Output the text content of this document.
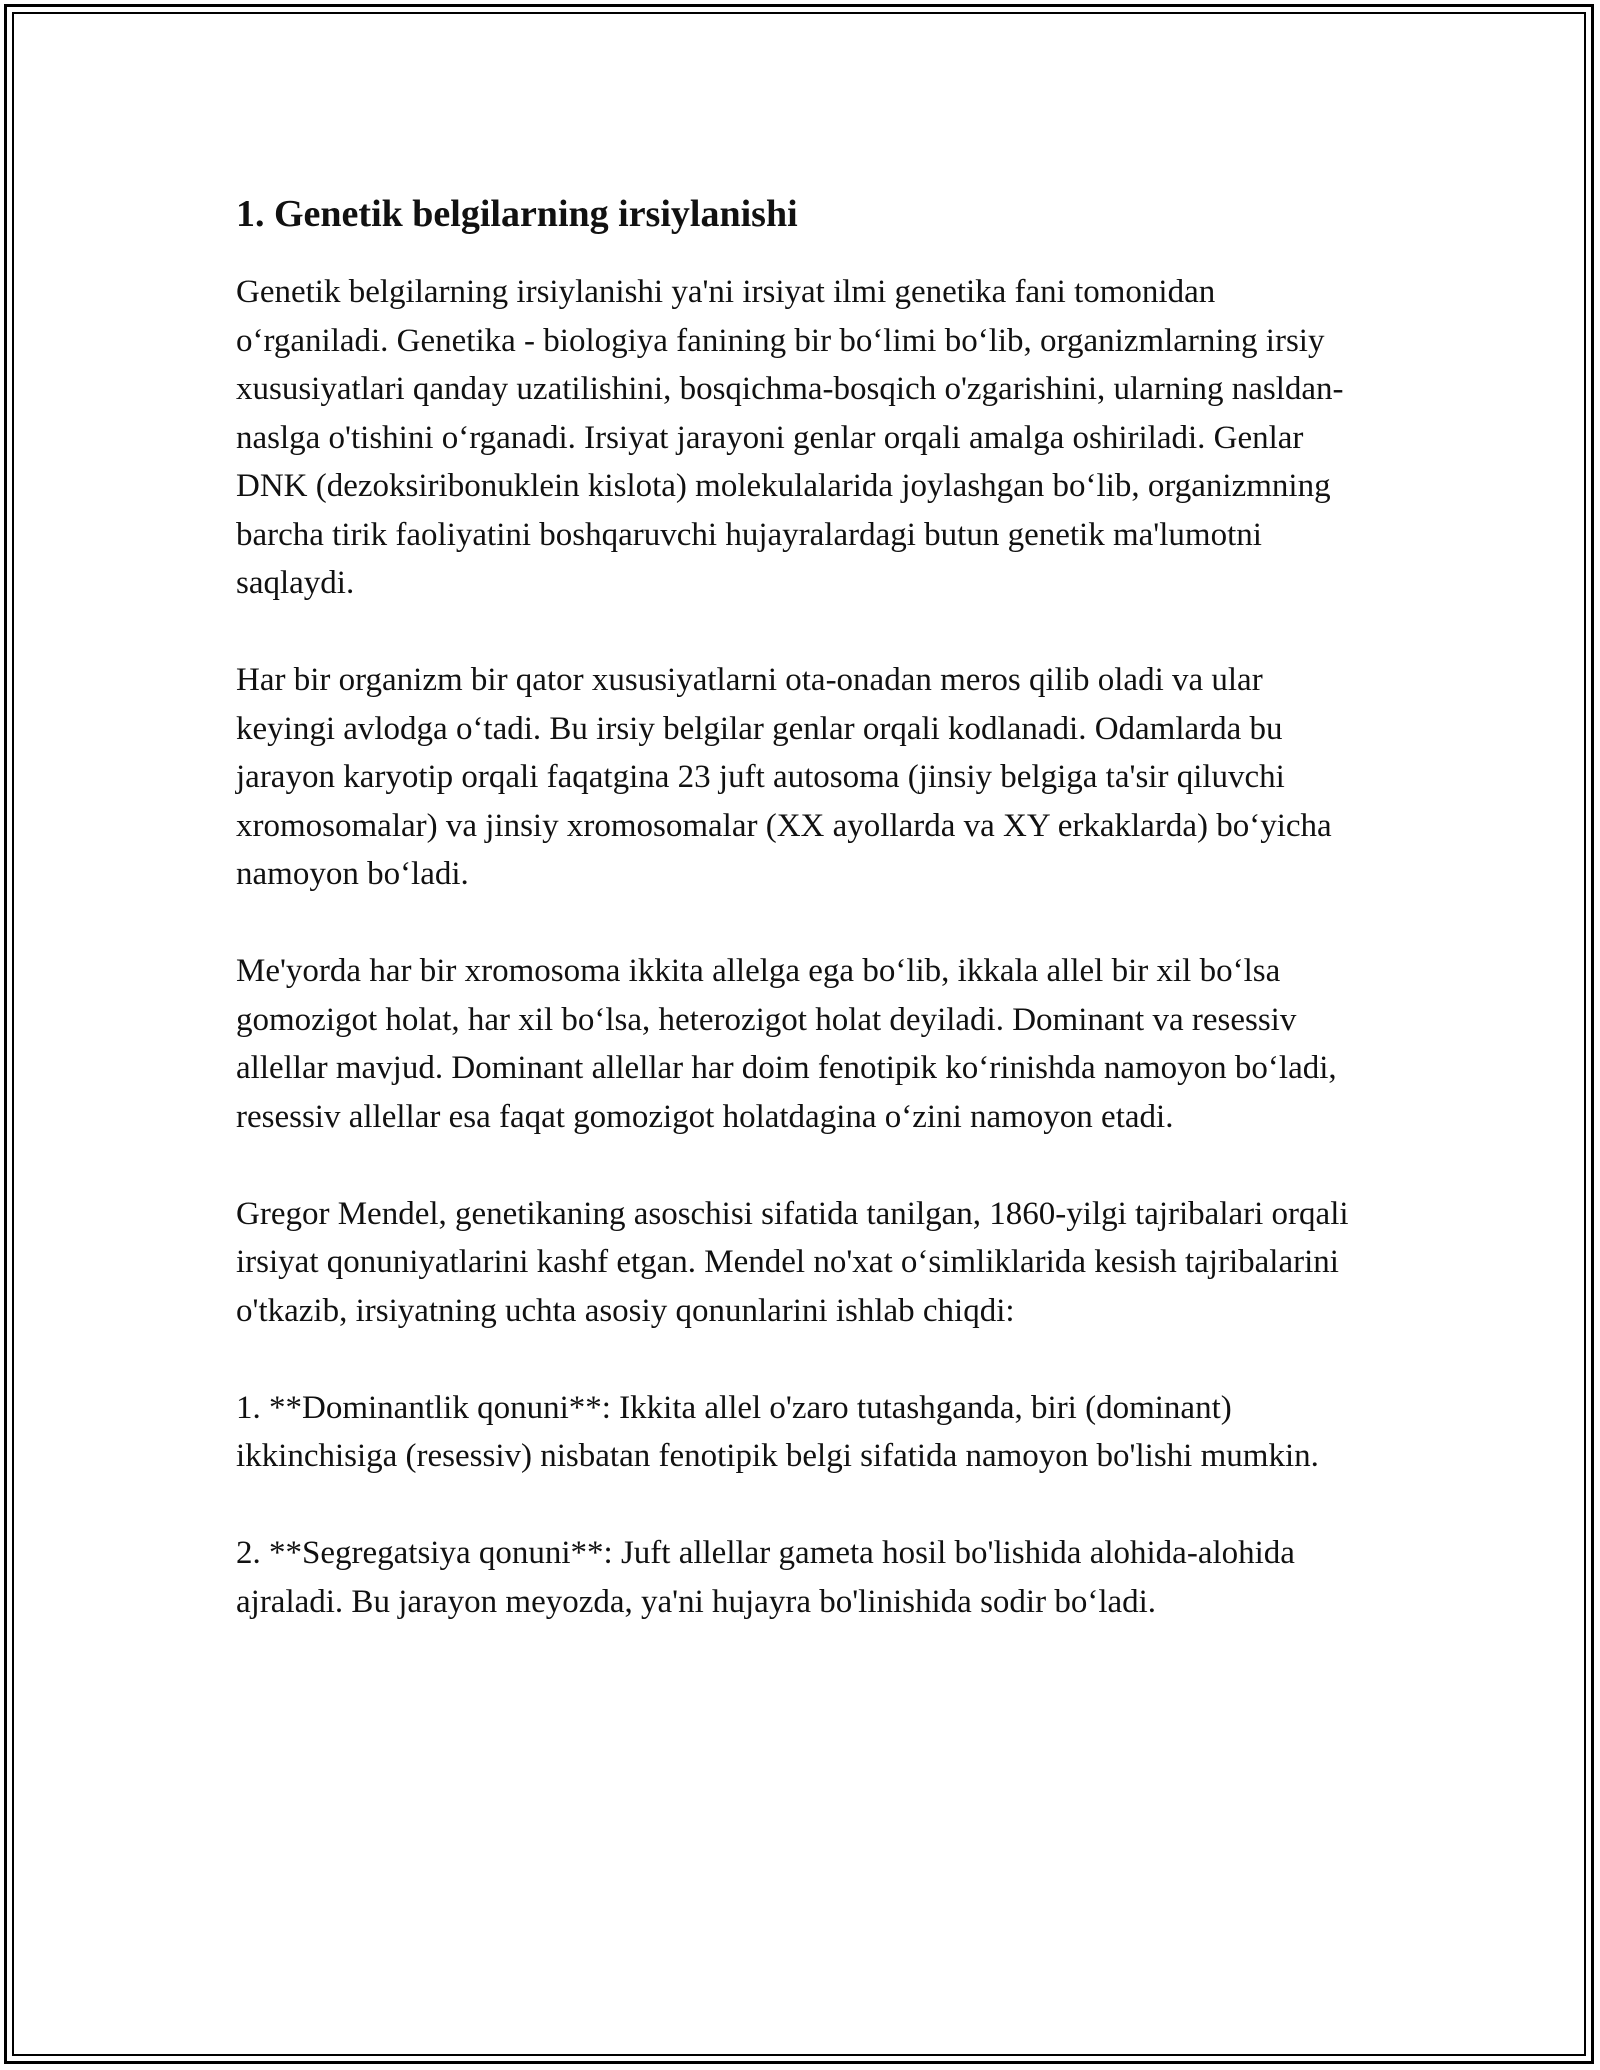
1. Genetik belgilarning irsiylanishi

Genetik belgilarning irsiylanishi ya'ni irsiyat ilmi genetika fani tomonidan oʻrganiladi. Genetika - biologiya fanining bir boʻlimi boʻlib, organizmlarning irsiy xususiyatlari qanday uzatilishini, bosqichma-bosqich o'zgarishini, ularning nasldan-naslga o'tishini oʻrganadi. Irsiyat jarayoni genlar orqali amalga oshiriladi. Genlar DNK (dezoksiribonuklein kislota) molekulalarida joylashgan boʻlib, organizmning barcha tirik faoliyatini boshqaruvchi hujayralardagi butun genetik ma'lumotni saqlaydi.

Har bir organizm bir qator xususiyatlarni ota-onadan meros qilib oladi va ular keyingi avlodga oʻtadi. Bu irsiy belgilar genlar orqali kodlanadi. Odamlarda bu jarayon karyotip orqali faqatgina 23 juft autosoma (jinsiy belgiga ta'sir qiluvchi xromosomalar) va jinsiy xromosomalar (XX ayollarda va XY erkaklarda) boʻyicha namoyon boʻladi.

Me'yorda har bir xromosoma ikkita allelga ega boʻlib, ikkala allel bir xil boʻlsa gomozigot holat, har xil boʻlsa, heterozigot holat deyiladi. Dominant va resessiv allellar mavjud. Dominant allellar har doim fenotipik koʻrinishda namoyon boʻladi, resessiv allellar esa faqat gomozigot holatdagina oʻzini namoyon etadi.

Gregor Mendel, genetikaning asoschisi sifatida tanilgan, 1860-yilgi tajribalari orqali irsiyat qonuniyatlarini kashf etgan. Mendel no'xat oʻsimliklarida kesish tajribalarini o'tkazib, irsiyatning uchta asosiy qonunlarini ishlab chiqdi:

1. **Dominantlik qonuni**: Ikkita allel o'zaro tutashganda, biri (dominant) ikkinchisiga (resessiv) nisbatan fenotipik belgi sifatida namoyon bo'lishi mumkin.

2. **Segregatsiya qonuni**: Juft allellar gameta hosil bo'lishida alohida-alohida ajraladi. Bu jarayon meyozda, ya'ni hujayra bo'linishida sodir boʻladi.
